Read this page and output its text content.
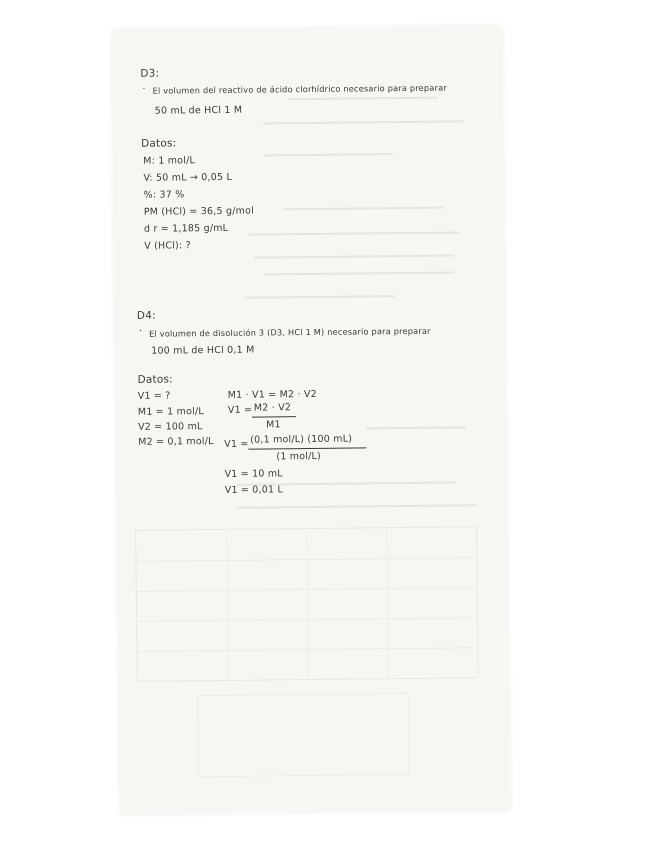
D3:
· El volumen del reactivo de ácido clorhídrico necesario para preparar
50 mL de HCl 1 M
Datos:
M: 1 mol/L
V: 50 mL → 0,05 L
%: 37 %
PM (HCl) = 36,5 g/mol
d r = 1,185 g/mL
V (HCl): ?
D4:
· El volumen de disolución 3 (D3, HCl 1 M) necesario para preparar
100 mL de HCl 0,1 M
Datos:
V1 = ?
M1 = 1 mol/L
V2 = 100 mL
M2 = 0,1 mol/L
M1 · V1 = M2 · V2
V1 = M2 · V2
M1
V1 = (0,1 mol/L) (100 mL)
(1 mol/L)
V1 = 10 mL
V1 = 0,01 L
